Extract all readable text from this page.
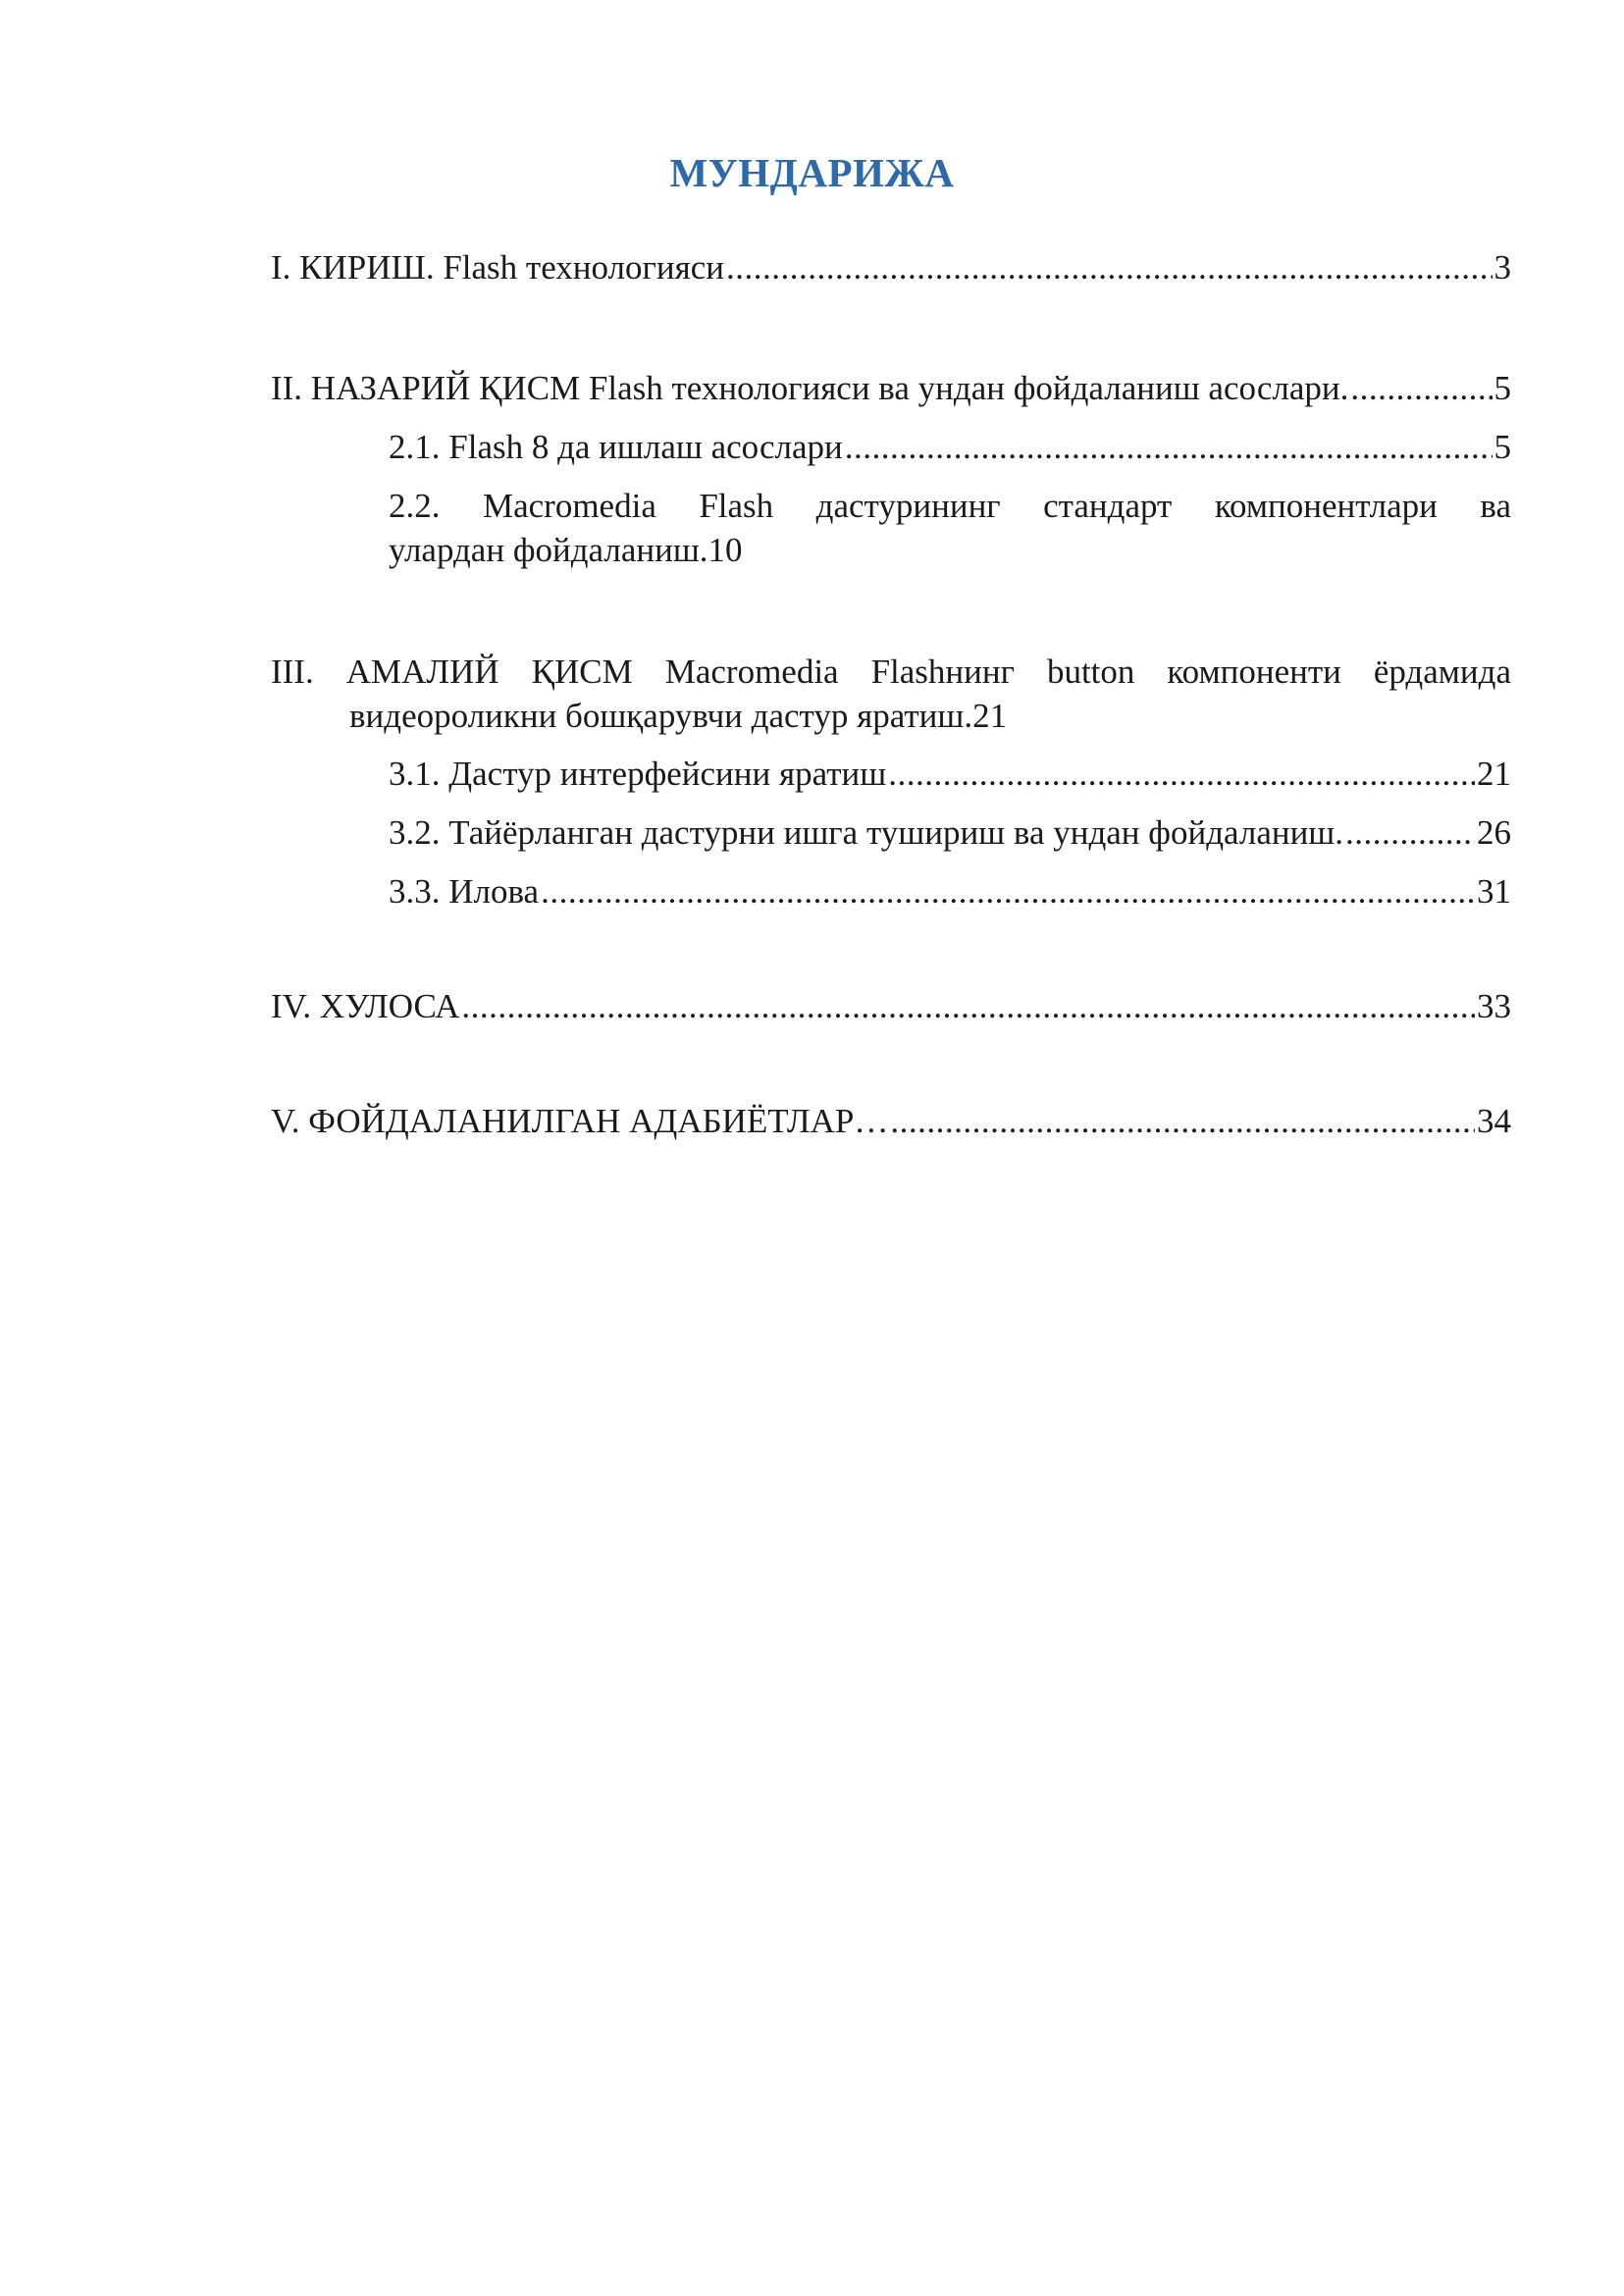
МУНДАРИЖА
I. КИРИШ. Flash технологияси .....	3
II. НАЗАРИЙ ҚИСМ Flash технологияси ва ундан фойдаланиш асослари. .....	5
2.1. Flash 8 да ишлаш асослари .....	5
2.2. Macromedia Flash дастурининг стандарт компонентлари ва
улардан фойдаланиш. 10
III. АМАЛИЙ ҚИСМ Macromedia Flashнинг button компоненти ёрдамида
видеороликни бошқарувчи дастур яратиш. 21
3.1. Дастур интерфейсини яратиш .....	21
3.2. Тайёрланган дастурни ишга тушириш ва ундан фойдаланиш. .....	26
3.3. Илова .....	31
IV. ХУЛОСА .....	33
V. ФОЙДАЛАНИЛГАН АДАБИЁТЛАР… .....	34
